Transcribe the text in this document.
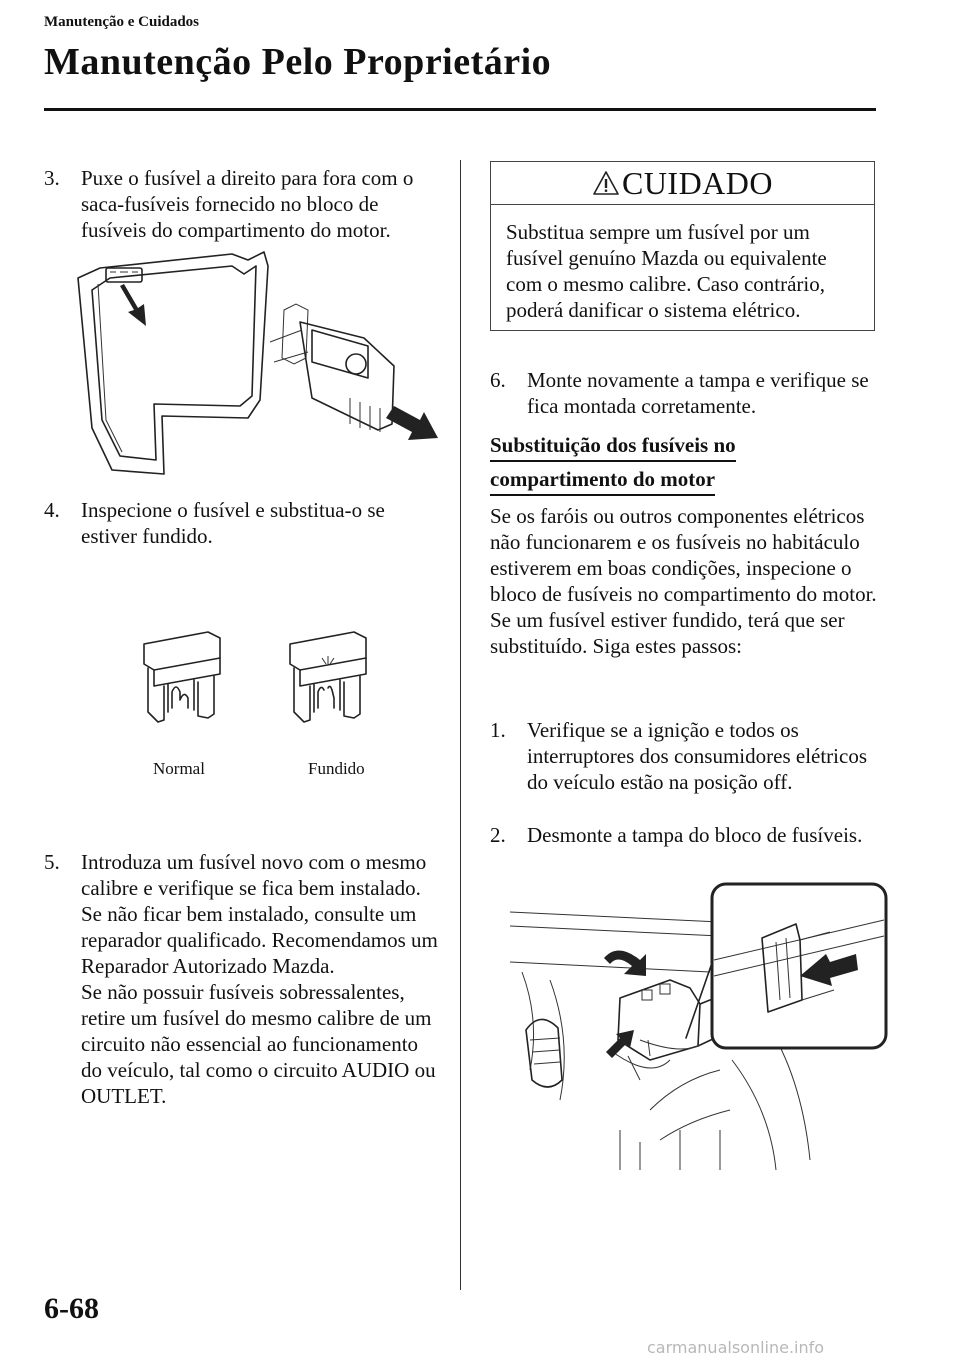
Manutenção e Cuidados
Manutenção Pelo Proprietário
3.	Puxe o fusível a direito para fora com o saca-fusíveis fornecido no bloco de fusíveis do compartimento do motor.
4.	Inspecione o fusível e substitua-o se estiver fundido.
Normal	Fundido
5.	Introduza um fusível novo com o mesmo calibre e verifique se fica bem instalado. Se não ficar bem instalado, consulte um reparador qualificado. Recomendamos um Reparador Autorizado Mazda.
Se não possuir fusíveis sobressalentes, retire um fusível do mesmo calibre de um circuito não essencial ao funcionamento do veículo, tal como o circuito AUDIO ou OUTLET.
CUIDADO
Substitua sempre um fusível por um fusível genuíno Mazda ou equivalente com o mesmo calibre. Caso contrário, poderá danificar o sistema elétrico.
6.	Monte novamente a tampa e verifique se fica montada corretamente.
Substituição dos fusíveis no
compartimento do motor
Se os faróis ou outros componentes elétricos não funcionarem e os fusíveis no habitáculo estiverem em boas condições, inspecione o bloco de fusíveis no compartimento do motor. Se um fusível estiver fundido, terá que ser substituído. Siga estes passos:
1.	Verifique se a ignição e todos os interruptores dos consumidores elétricos do veículo estão na posição off.
2.	Desmonte a tampa do bloco de fusíveis.
6-68
carmanualsonline.info
